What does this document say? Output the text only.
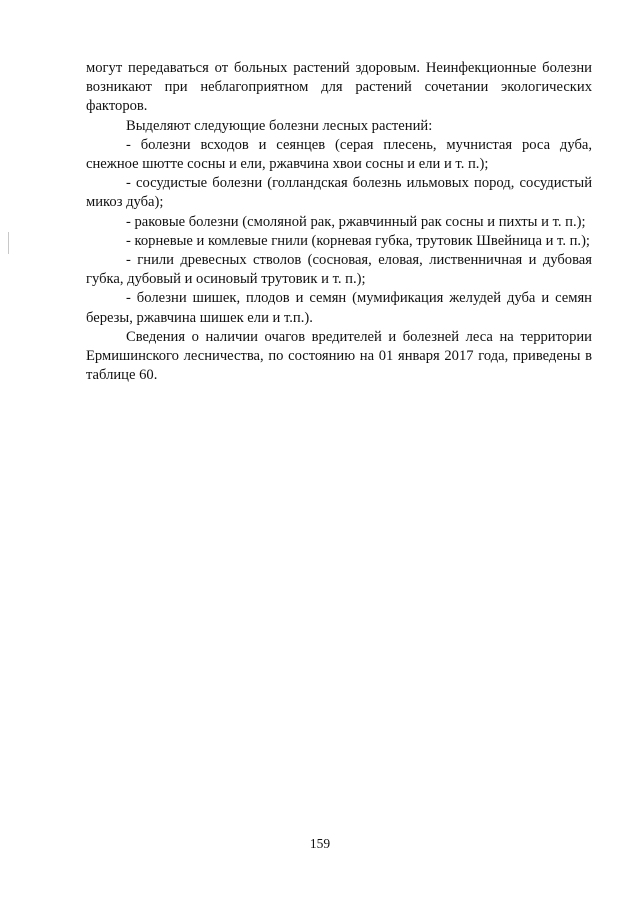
могут передаваться от больных растений здоровым. Неинфекционные болезни возникают при неблагоприятном для растений сочетании экологических факторов.

Выделяют следующие болезни лесных растений:

- болезни всходов и сеянцев (серая плесень, мучнистая роса дуба, снежное шютте сосны и ели, ржавчина хвои сосны и ели и т. п.);

- сосудистые болезни (голландская болезнь ильмовых пород, сосудистый микоз дуба);

- раковые болезни (смоляной рак, ржавчинный рак сосны и пихты и т. п.);

- корневые и комлевые гнили (корневая губка, трутовик Швейница и т. п.);

- гнили древесных стволов (сосновая, еловая, лиственничная и дубовая губка, дубовый и осиновый трутовик и т. п.);

- болезни шишек, плодов и семян (мумификация желудей дуба и семян березы, ржавчина шишек ели и т.п.).

Сведения о наличии очагов вредителей и болезней леса на территории Ермишинского лесничества, по состоянию на 01 января 2017 года, приведены в таблице 60.

159
